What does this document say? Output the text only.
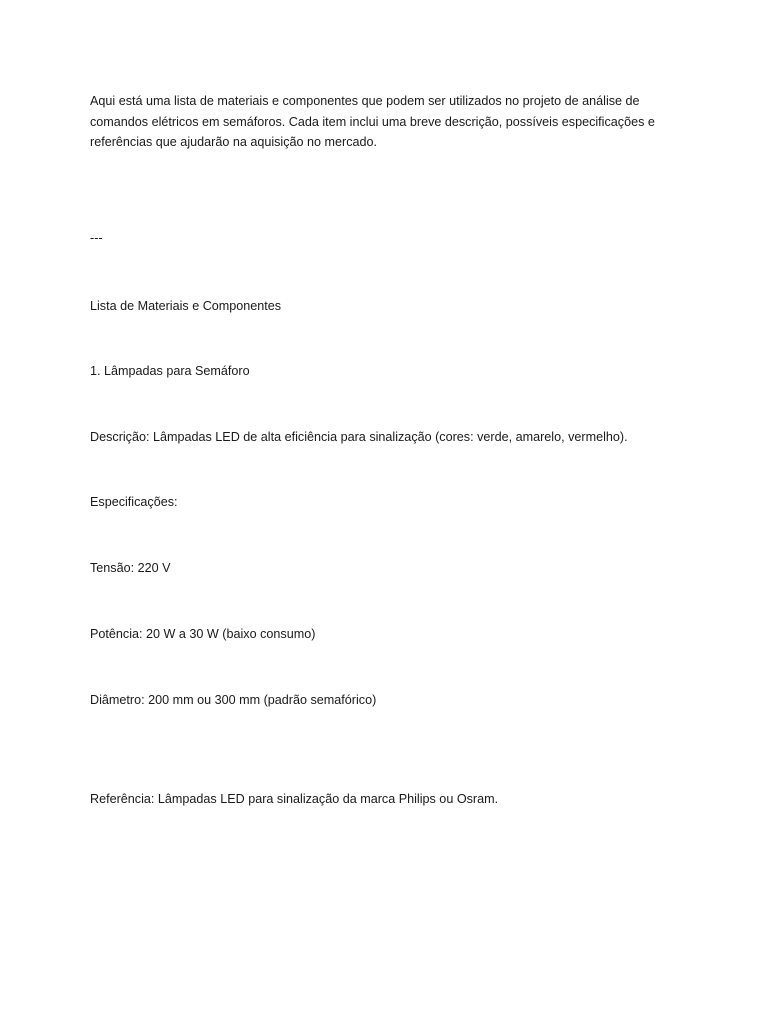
Aqui está uma lista de materiais e componentes que podem ser utilizados no projeto de análise de
comandos elétricos em semáforos. Cada item inclui uma breve descrição, possíveis especificações e
referências que ajudarão na aquisição no mercado.

---

Lista de Materiais e Componentes

1. Lâmpadas para Semáforo

Descrição: Lâmpadas LED de alta eficiência para sinalização (cores: verde, amarelo, vermelho).

Especificações:

Tensão: 220 V

Potência: 20 W a 30 W (baixo consumo)

Diâmetro: 200 mm ou 300 mm (padrão semafórico)

Referência: Lâmpadas LED para sinalização da marca Philips ou Osram.
